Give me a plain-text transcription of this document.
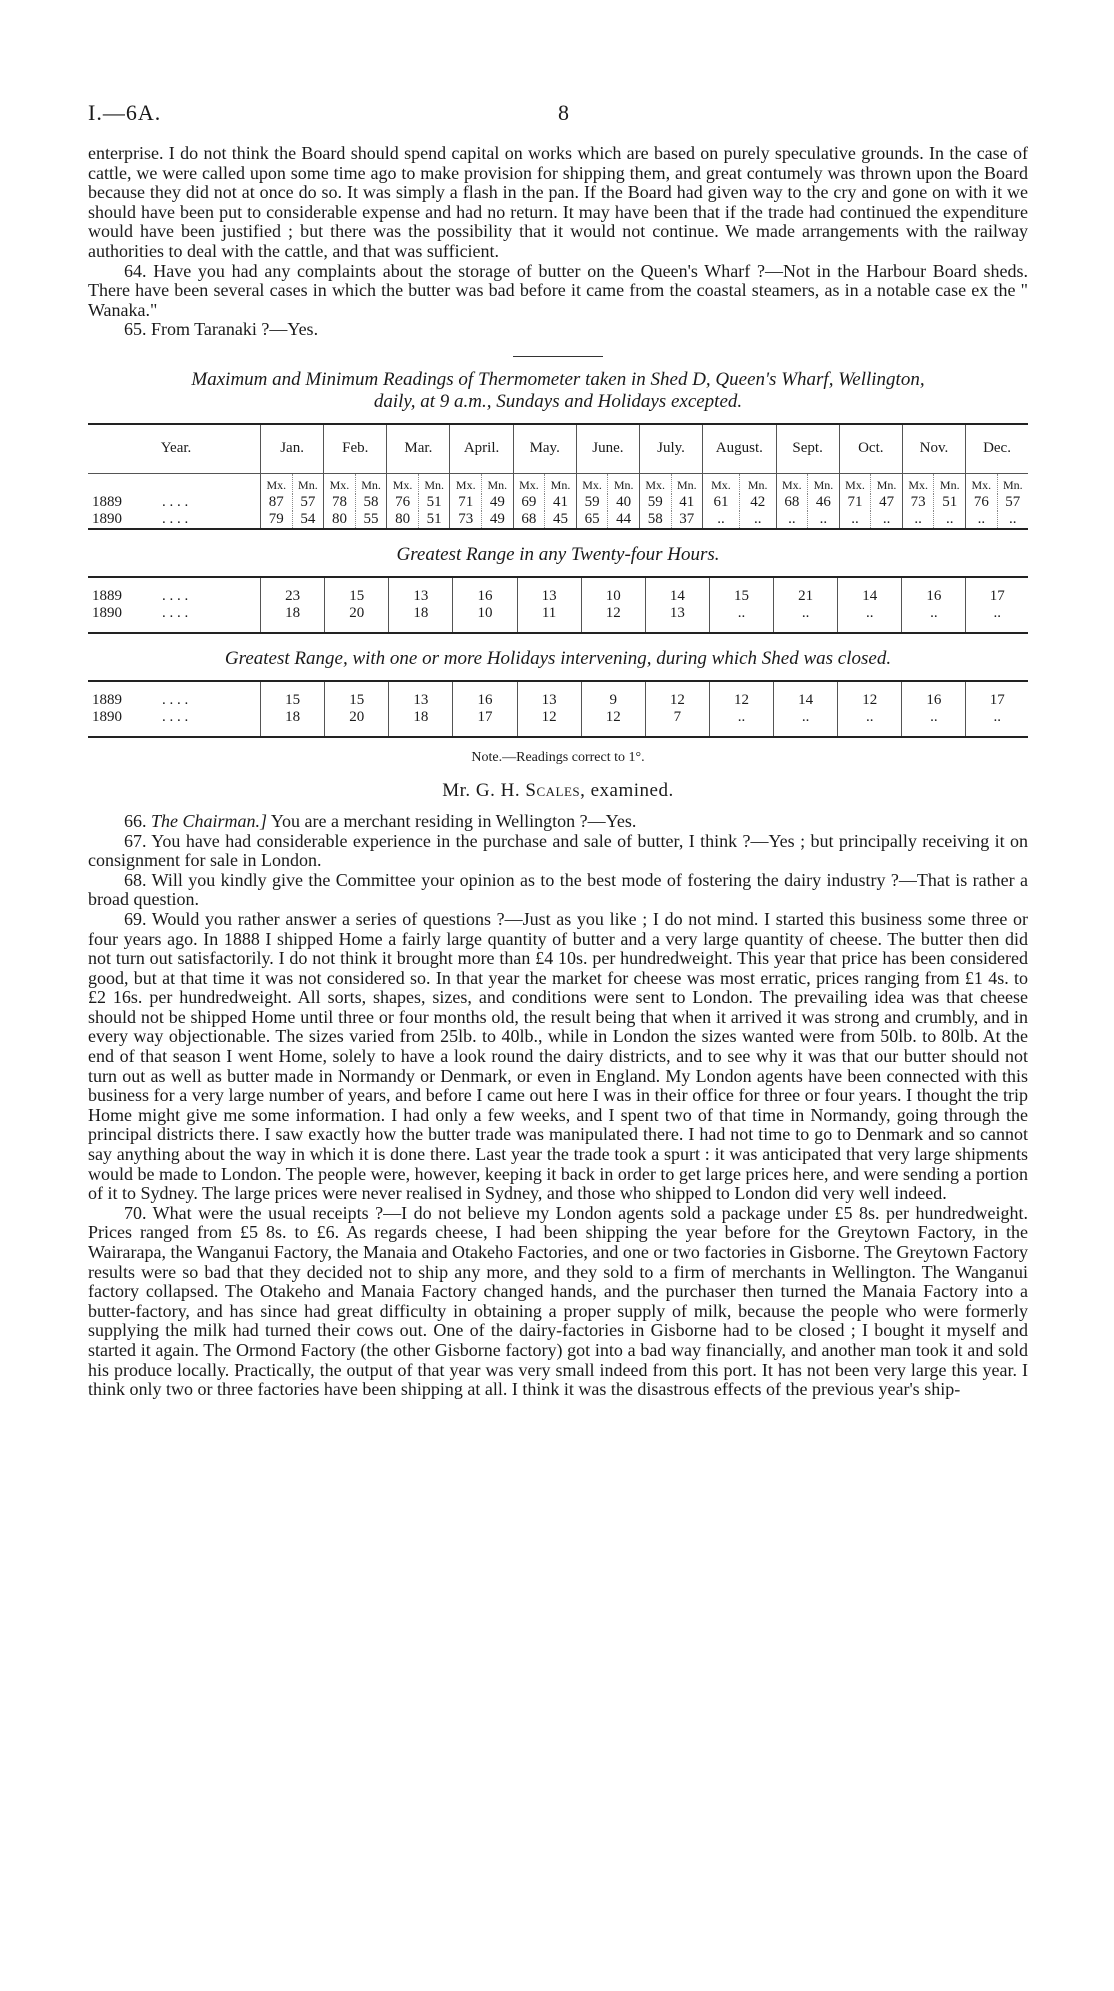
I.—6A.	8

enterprise. I do not think the Board should spend capital on works which are based on purely speculative grounds. In the case of cattle, we were called upon some time ago to make provision for shipping them, and great contumely was thrown upon the Board because they did not at once do so. It was simply a flash in the pan. If the Board had given way to the cry and gone on with it we should have been put to considerable expense and had no return. It may have been that if the trade had continued the expenditure would have been justified ; but there was the possibility that it would not continue. We made arrangements with the railway authorities to deal with the cattle, and that was sufficient.

64. Have you had any complaints about the storage of butter on the Queen's Wharf ?—Not in the Harbour Board sheds. There have been several cases in which the butter was bad before it came from the coastal steamers, as in a notable case ex the " Wanaka."

65. From Taranaki ?—Yes.

Maximum and Minimum Readings of Thermometer taken in Shed D, Queen's Wharf, Wellington,
daily, at 9 a.m., Sundays and Holidays excepted.
Year.	Jan.		Feb.		Mar.		April.		May.		June.		July.		August.		Sept.		Oct.		Nov.		Dec.	
	Mx.	Mn.	Mx.	Mn.	Mx.	Mn.	Mx.	Mn.	Mx.	Mn.	Mx.	Mn.	Mx.	Mn.	Mx.	Mn.	Mx.	Mn.	Mx.	Mn.	Mx.	Mn.	Mx.	Mn.
1889 . . . .	87	57	78	58	76	51	71	49	69	41	59	40	59	41	61	42	68	46	71	47	73	51	76	57
1890 . . . .	79	54	80	55	80	51	73	49	68	45	65	44	58	37	..	..	..	..	..	..	..	..	..	..
Greatest Range in any Twenty-four Hours.
1889 . . . .	23	15	13	16	13	10	14	15	21	14	16	17
1890 . . . .	18	20	18	10	11	12	13	..	..	..	..	..
Greatest Range, with one or more Holidays intervening, during which Shed was closed.
1889 . . . .	15	15	13	16	13	9	12	12	14	12	16	17
1890 . . . .	18	20	18	17	12	12	7	..	..	..	..	..
Note.—Readings correct to 1°.
Mr. G. H. Scales, examined.

66. The Chairman.] You are a merchant residing in Wellington ?—Yes.

67. You have had considerable experience in the purchase and sale of butter, I think ?—Yes ; but principally receiving it on consignment for sale in London.

68. Will you kindly give the Committee your opinion as to the best mode of fostering the dairy industry ?—That is rather a broad question.

69. Would you rather answer a series of questions ?—Just as you like ; I do not mind. I started this business some three or four years ago. In 1888 I shipped Home a fairly large quantity of butter and a very large quantity of cheese. The butter then did not turn out satisfactorily. I do not think it brought more than £4 10s. per hundredweight. This year that price has been considered good, but at that time it was not considered so. In that year the market for cheese was most erratic, prices ranging from £1 4s. to £2 16s. per hundredweight. All sorts, shapes, sizes, and conditions were sent to London. The prevailing idea was that cheese should not be shipped Home until three or four months old, the result being that when it arrived it was strong and crumbly, and in every way objectionable. The sizes varied from 25lb. to 40lb., while in London the sizes wanted were from 50lb. to 80lb. At the end of that season I went Home, solely to have a look round the dairy districts, and to see why it was that our butter should not turn out as well as butter made in Normandy or Denmark, or even in England. My London agents have been connected with this business for a very large number of years, and before I came out here I was in their office for three or four years. I thought the trip Home might give me some information. I had only a few weeks, and I spent two of that time in Normandy, going through the principal districts there. I saw exactly how the butter trade was manipulated there. I had not time to go to Denmark and so cannot say anything about the way in which it is done there. Last year the trade took a spurt : it was anticipated that very large shipments would be made to London. The people were, however, keeping it back in order to get large prices here, and were sending a portion of it to Sydney. The large prices were never realised in Sydney, and those who shipped to London did very well indeed.

70. What were the usual receipts ?—I do not believe my London agents sold a package under £5 8s. per hundredweight. Prices ranged from £5 8s. to £6. As regards cheese, I had been shipping the year before for the Greytown Factory, in the Wairarapa, the Wanganui Factory, the Manaia and Otakeho Factories, and one or two factories in Gisborne. The Greytown Factory results were so bad that they decided not to ship any more, and they sold to a firm of merchants in Wellington. The Wanganui factory collapsed. The Otakeho and Manaia Factory changed hands, and the purchaser then turned the Manaia Factory into a butter-factory, and has since had great difficulty in obtaining a proper supply of milk, because the people who were formerly supplying the milk had turned their cows out. One of the dairy-factories in Gisborne had to be closed ; I bought it myself and started it again. The Ormond Factory (the other Gisborne factory) got into a bad way financially, and another man took it and sold his produce locally. Practically, the output of that year was very small indeed from this port. It has not been very large this year. I think only two or three factories have been shipping at all. I think it was the disastrous effects of the previous year's ship-
